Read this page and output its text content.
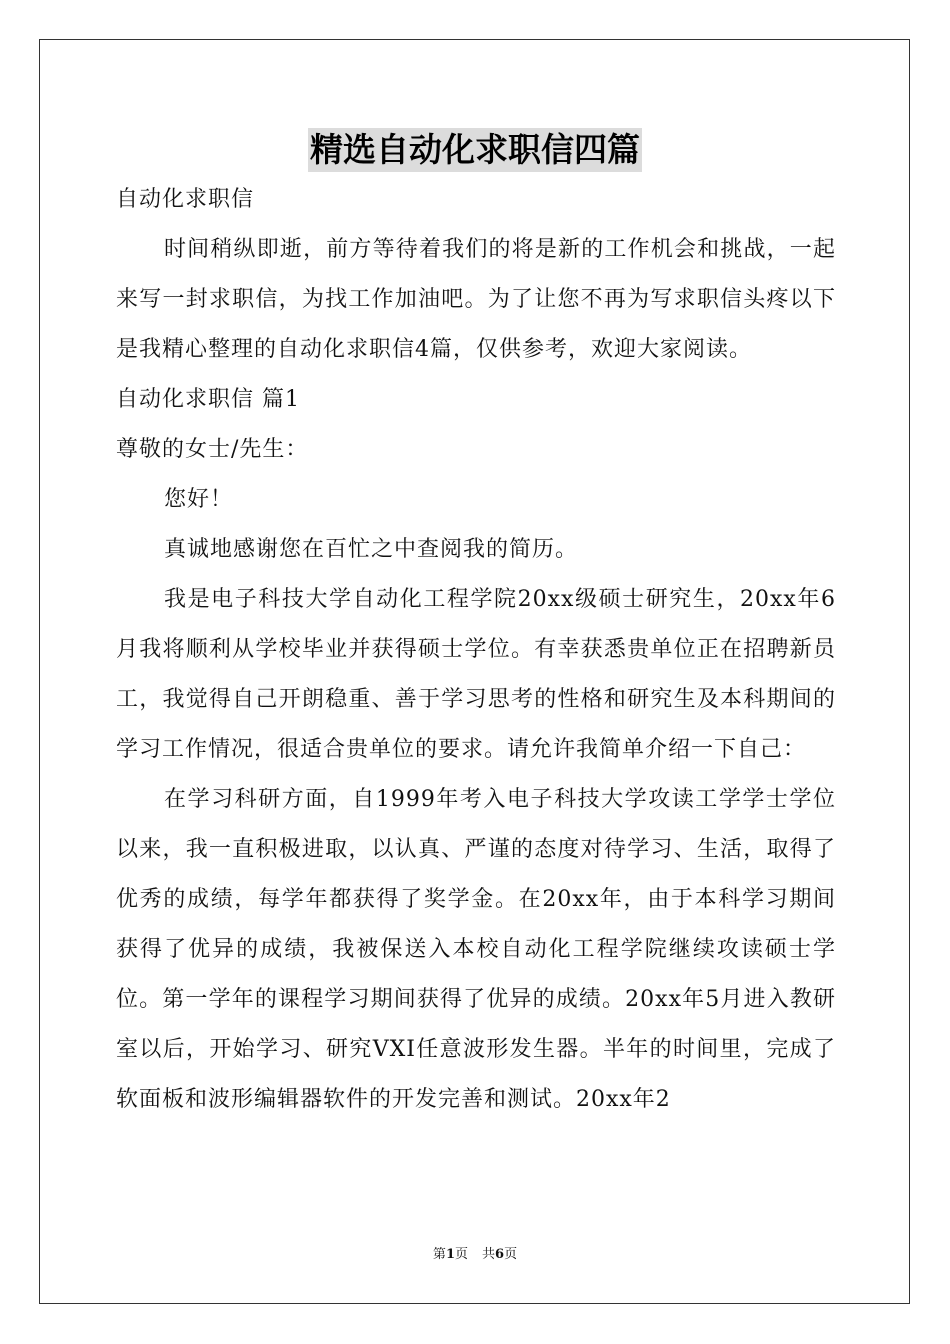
精选自动化求职信四篇

自动化求职信

时间稍纵即逝，前方等待着我们的将是新的工作机会和挑战，一起来写一封求职信，为找工作加油吧。为了让您不再为写求职信头疼以下是我精心整理的自动化求职信4篇，仅供参考，欢迎大家阅读。

自动化求职信 篇1

尊敬的女士/先生：

您好！

真诚地感谢您在百忙之中查阅我的简历。

我是电子科技大学自动化工程学院20xx级硕士研究生，20xx年6月我将顺利从学校毕业并获得硕士学位。有幸获悉贵单位正在招聘新员工，我觉得自己开朗稳重、善于学习思考的性格和研究生及本科期间的学习工作情况，很适合贵单位的要求。请允许我简单介绍一下自己：

在学习科研方面，自1999年考入电子科技大学攻读工学学士学位以来，我一直积极进取，以认真、严谨的态度对待学习、生活，取得了优秀的成绩，每学年都获得了奖学金。在20xx年，由于本科学习期间获得了优异的成绩，我被保送入本校自动化工程学院继续攻读硕士学位。第一学年的课程学习期间获得了优异的成绩。20xx年5月进入教研室以后，开始学习、研究VXI任意波形发生器。半年的时间里，完成了软面板和波形编辑器软件的开发完善和测试。20xx年2

第1页 共6页
